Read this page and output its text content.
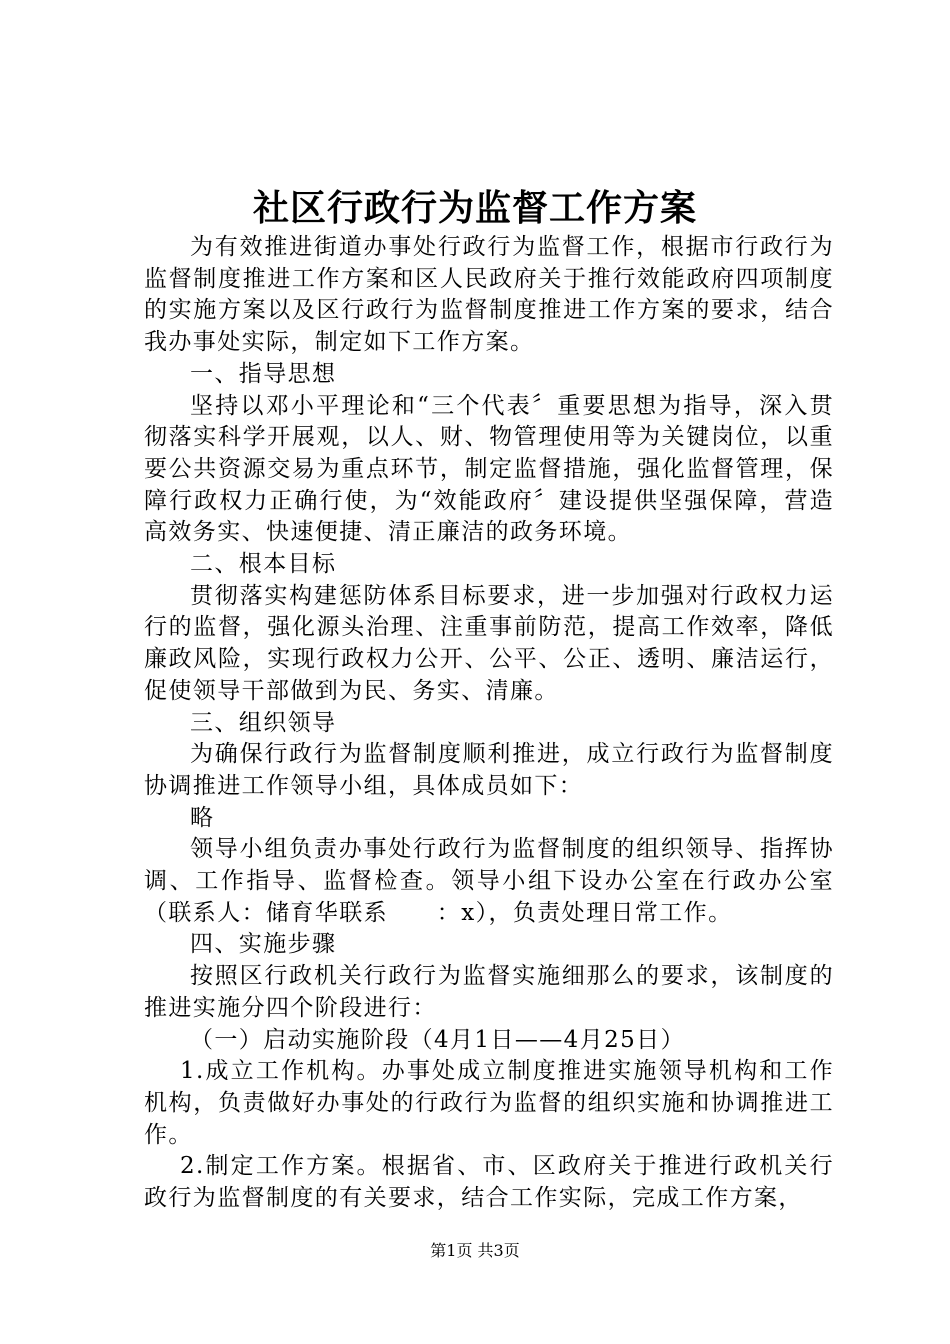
社区行政行为监督工作方案

为有效推进街道办事处行政行为监督工作，根据市行政行为监督制度推进工作方案和区人民政府关于推行效能政府四项制度的实施方案以及区行政行为监督制度推进工作方案的要求，结合我办事处实际，制定如下工作方案。

一、指导思想

坚持以邓小平理论和“三个代表〞重要思想为指导，深入贯彻落实科学开展观，以人、财、物管理使用等为关键岗位，以重要公共资源交易为重点环节，制定监督措施，强化监督管理，保障行政权力正确行使，为“效能政府〞建设提供坚强保障，营造高效务实、快速便捷、清正廉洁的政务环境。

二、根本目标

贯彻落实构建惩防体系目标要求，进一步加强对行政权力运行的监督，强化源头治理、注重事前防范，提高工作效率，降低廉政风险，实现行政权力公开、公平、公正、透明、廉洁运行，促使领导干部做到为民、务实、清廉。

三、组织领导

为确保行政行为监督制度顺利推进，成立行政行为监督制度协调推进工作领导小组，具体成员如下：

略

领导小组负责办事处行政行为监督制度的组织领导、指挥协调、工作指导、监督检查。领导小组下设办公室在行政办公室（联系人：储育华联系　　：x），负责处理日常工作。

四、实施步骤

按照区行政机关行政行为监督实施细那么的要求，该制度的推进实施分四个阶段进行：

（一）启动实施阶段（4月1日——4月25日）

1.成立工作机构。办事处成立制度推进实施领导机构和工作机构，负责做好办事处的行政行为监督的组织实施和协调推进工作。

2.制定工作方案。根据省、市、区政府关于推进行政机关行政行为监督制度的有关要求，结合工作实际，完成工作方案，

第1页 共3页
